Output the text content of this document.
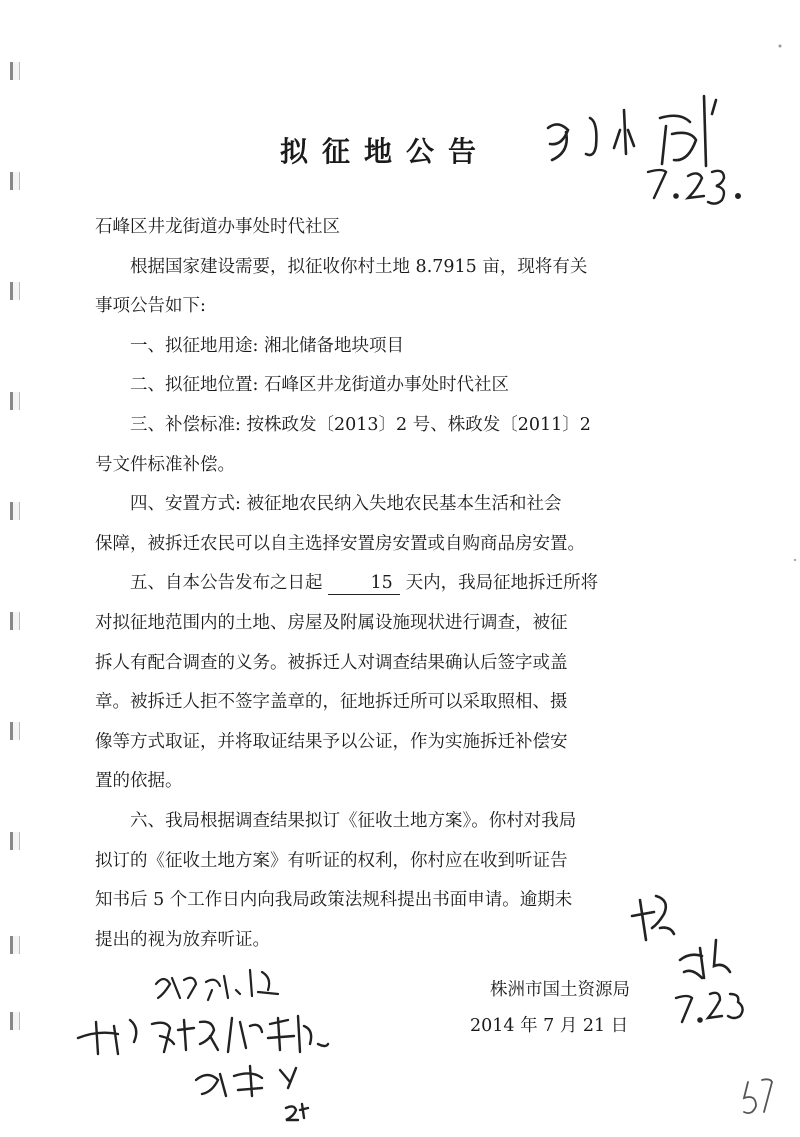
拟征地公告

石峰区井龙街道办事处时代社区

根据国家建设需要，拟征收你村土地 8.7915 亩，现将有关

事项公告如下:

一、拟征地用途: 湘北储备地块项目

二、拟征地位置: 石峰区井龙街道办事处时代社区

三、补偿标准: 按株政发〔2013〕2 号、株政发〔2011〕2

号文件标准补偿。

四、安置方式: 被征地农民纳入失地农民基本生活和社会

保障，被拆迁农民可以自主选择安置房安置或自购商品房安置。

五、自本公告发布之日起	15 天内，我局征地拆迁所将

对拟征地范围内的土地、房屋及附属设施现状进行调查，被征

拆人有配合调查的义务。被拆迁人对调查结果确认后签字或盖

章。被拆迁人拒不签字盖章的，征地拆迁所可以采取照相、摄

像等方式取证，并将取证结果予以公证，作为实施拆迁补偿安

置的依据。

六、我局根据调查结果拟订《征收土地方案》。你村对我局

拟订的《征收土地方案》有听证的权利，你村应在收到听证告

知书后 5 个工作日内向我局政策法规科提出书面申请。逾期未

提出的视为放弃听证。

株洲市国土资源局
2014 年 7 月 21 日
